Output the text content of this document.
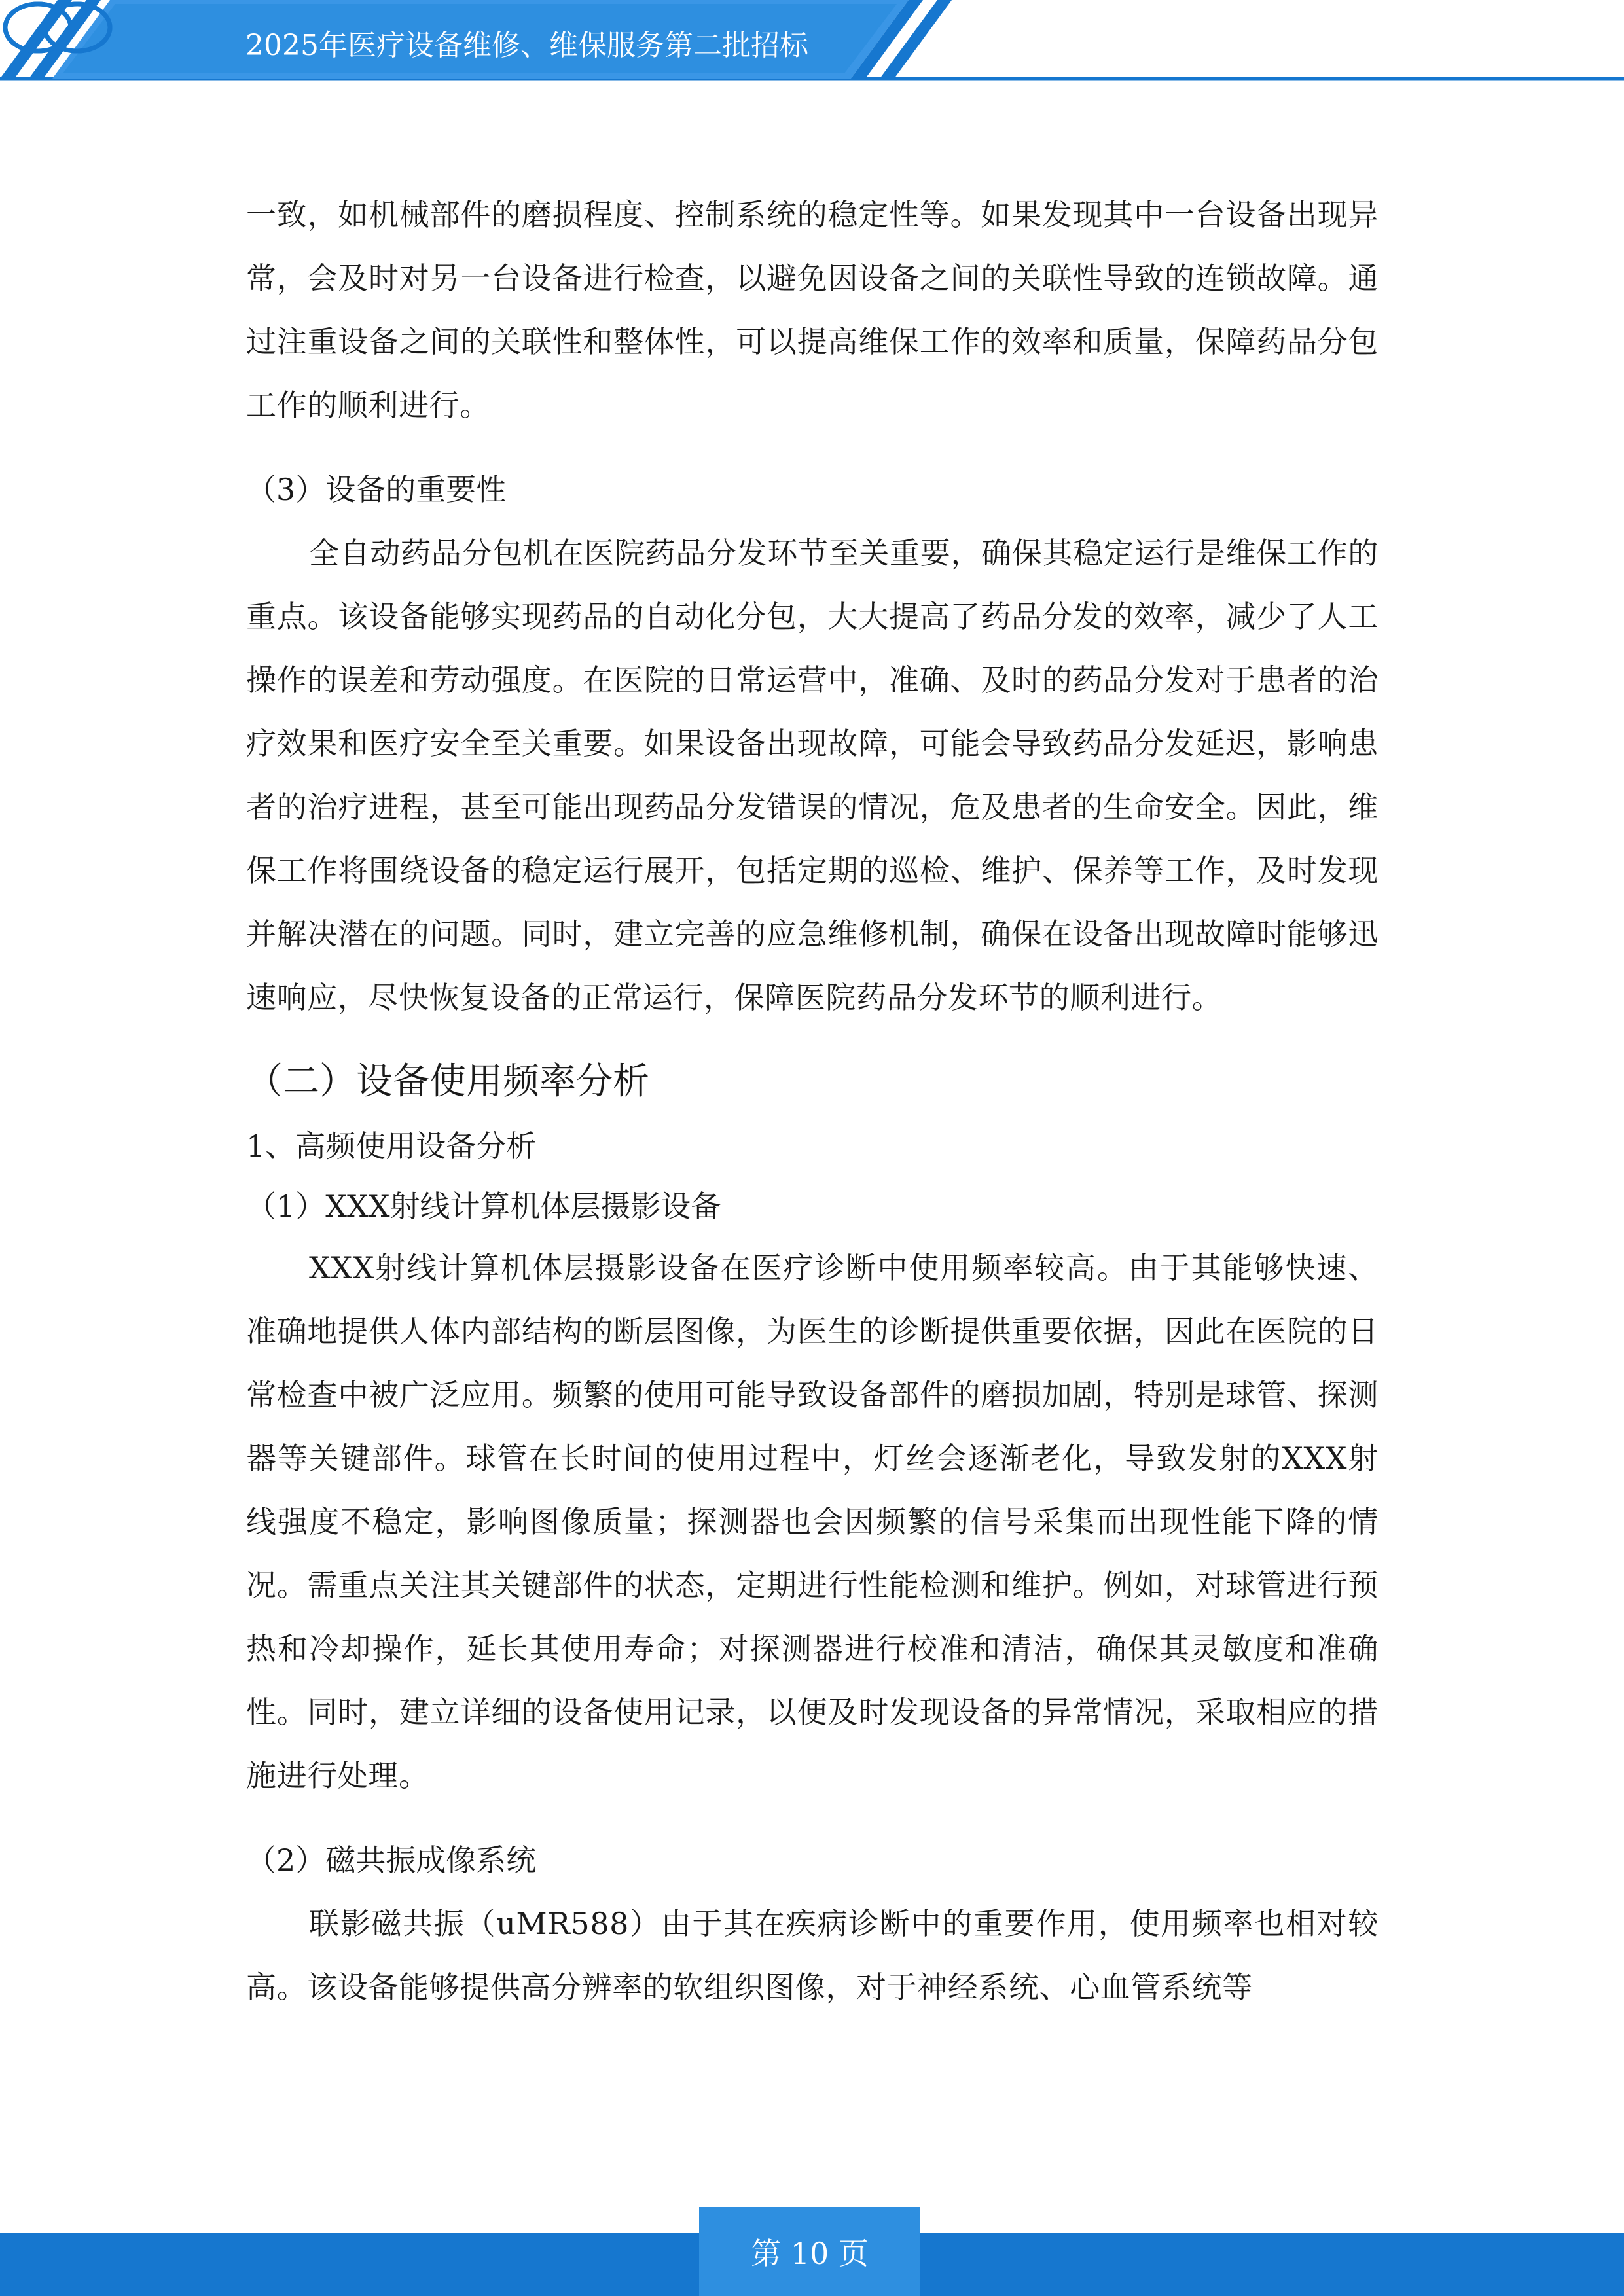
2025年医疗设备维修、维保服务第二批招标

一致，如机械部件的磨损程度、控制系统的稳定性等。如果发现其中一台设备出现异常，会及时对另一台设备进行检查，以避免因设备之间的关联性导致的连锁故障。通过注重设备之间的关联性和整体性，可以提高维保工作的效率和质量，保障药品分包工作的顺利进行。

（3）设备的重要性

全自动药品分包机在医院药品分发环节至关重要，确保其稳定运行是维保工作的重点。该设备能够实现药品的自动化分包，大大提高了药品分发的效率，减少了人工操作的误差和劳动强度。在医院的日常运营中，准确、及时的药品分发对于患者的治疗效果和医疗安全至关重要。如果设备出现故障，可能会导致药品分发延迟，影响患者的治疗进程，甚至可能出现药品分发错误的情况，危及患者的生命安全。因此，维保工作将围绕设备的稳定运行展开，包括定期的巡检、维护、保养等工作，及时发现并解决潜在的问题。同时，建立完善的应急维修机制，确保在设备出现故障时能够迅速响应，尽快恢复设备的正常运行，保障医院药品分发环节的顺利进行。

（二）设备使用频率分析
1、高频使用设备分析
（1）XXX射线计算机体层摄影设备

XXX射线计算机体层摄影设备在医疗诊断中使用频率较高。由于其能够快速、准确地提供人体内部结构的断层图像，为医生的诊断提供重要依据，因此在医院的日常检查中被广泛应用。频繁的使用可能导致设备部件的磨损加剧，特别是球管、探测器等关键部件。球管在长时间的使用过程中，灯丝会逐渐老化，导致发射的XXX射线强度不稳定，影响图像质量；探测器也会因频繁的信号采集而出现性能下降的情况。需重点关注其关键部件的状态，定期进行性能检测和维护。例如，对球管进行预热和冷却操作，延长其使用寿命；对探测器进行校准和清洁，确保其灵敏度和准确性。同时，建立详细的设备使用记录，以便及时发现设备的异常情况，采取相应的措施进行处理。

（2）磁共振成像系统

联影磁共振（uMR588）由于其在疾病诊断中的重要作用，使用频率也相对较高。该设备能够提供高分辨率的软组织图像，对于神经系统、心血管系统等

第 10 页
